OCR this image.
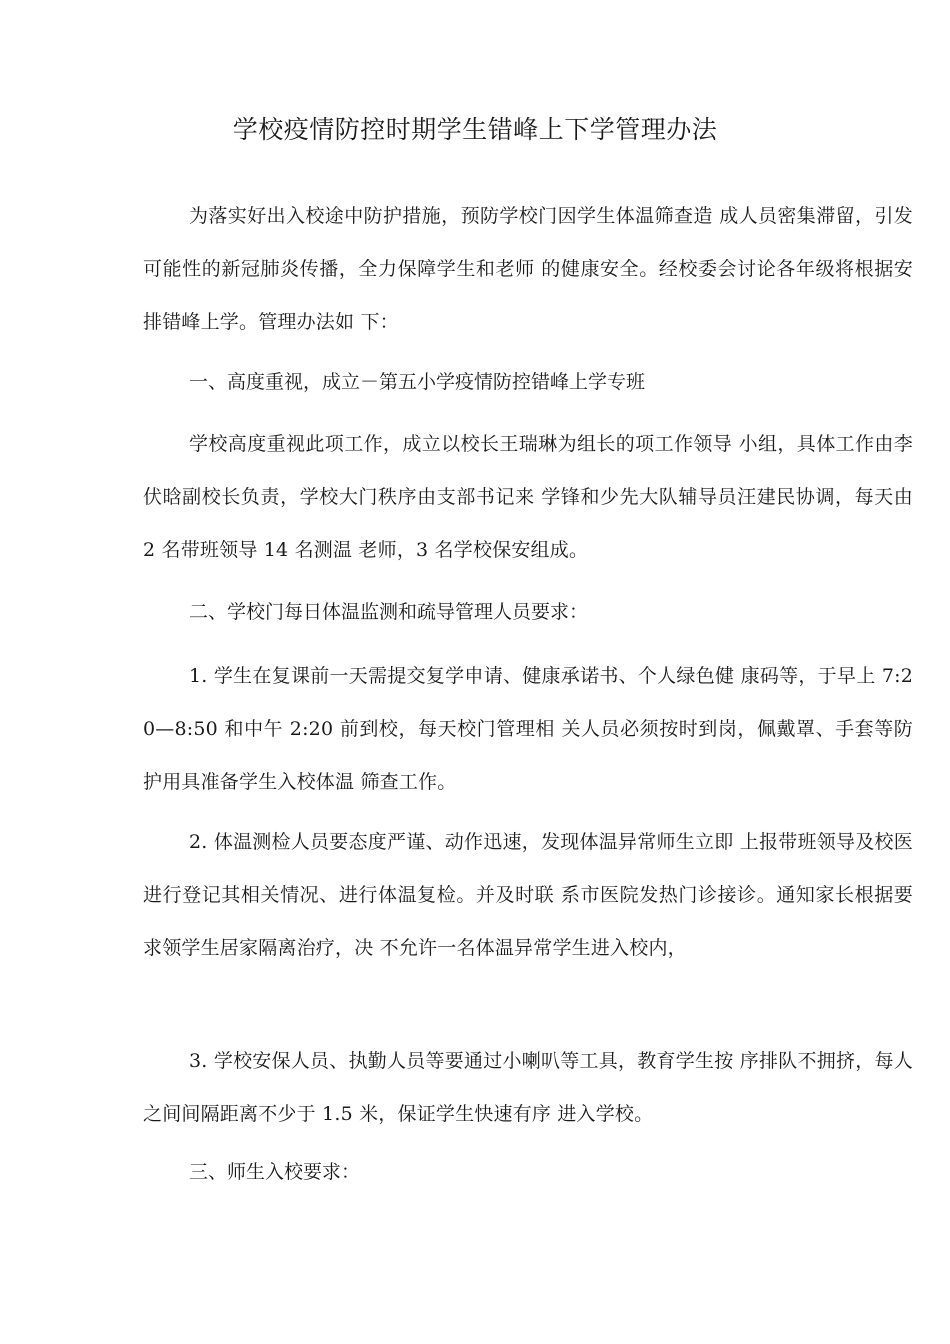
学校疫情防控时期学生错峰上下学管理办法
为落实好出入校途中防护措施，预防学校门因学生体温筛查造 成人员密集滞留，引发可能性的新冠肺炎传播，全力保障学生和老师 的健康安全。经校委会讨论各年级将根据安排错峰上学。管理办法如 下：
一、高度重视，成立－第五小学疫情防控错峰上学专班
学校高度重视此项工作，成立以校长王瑞琳为组长的项工作领导 小组，具体工作由李伏晗副校长负责，学校大门秩序由支部书记来 学锋和少先大队辅导员汪建民协调，每天由 2 名带班领导 14 名测温 老师，3 名学校保安组成。
二、学校门每日体温监测和疏导管理人员要求：
1. 学生在复课前一天需提交复学申请、健康承诺书、个人绿色健 康码等，于早上 7:20—8:50 和中午 2:20 前到校，每天校门管理相 关人员必须按时到岗，佩戴罩、手套等防护用具准备学生入校体温 筛查工作。
2. 体温测检人员要态度严谨、动作迅速，发现体温异常师生立即 上报带班领导及校医进行登记其相关情况、进行体温复检。并及时联 系市医院发热门诊接诊。通知家长根据要求领学生居家隔离治疗，决 不允许一名体温异常学生进入校内，
3. 学校安保人员、执勤人员等要通过小喇叭等工具，教育学生按 序排队不拥挤，每人之间间隔距离不少于 1.5 米，保证学生快速有序 进入学校。
三、师生入校要求：
